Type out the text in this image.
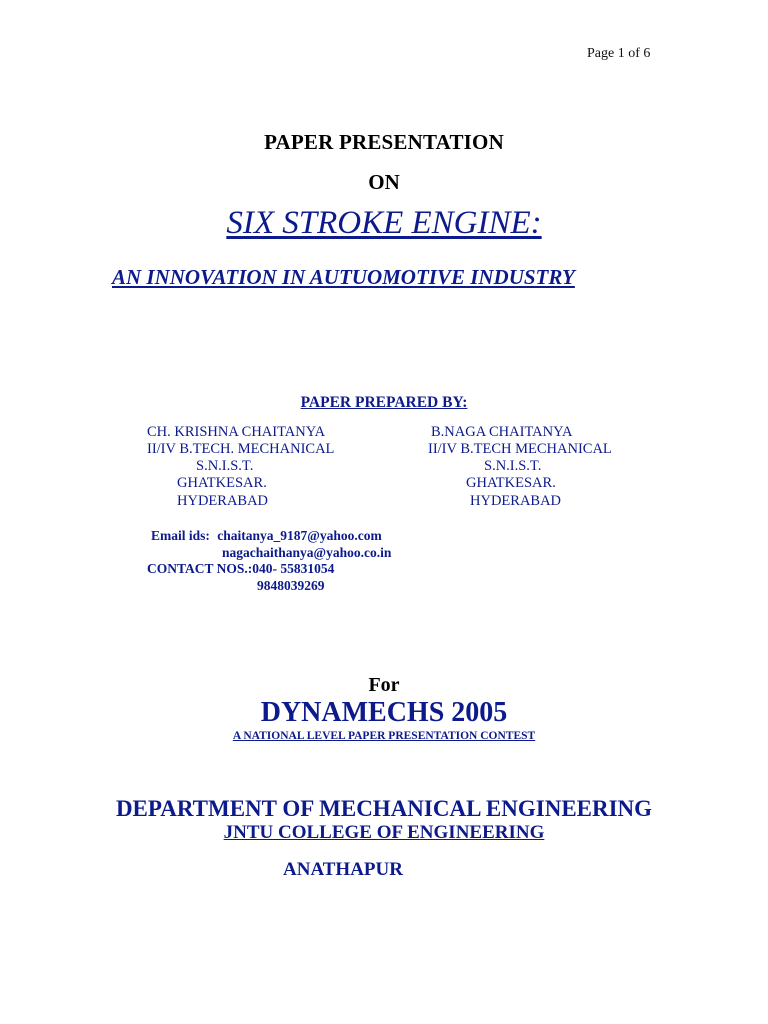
Page 1 of 6
PAPER PRESENTATION
ON
SIX STROKE ENGINE:
AN INNOVATION IN AUTUOMOTIVE INDUSTRY
PAPER PREPARED BY:
CH. KRISHNA CHAITANYA
II/IV B.TECH. MECHANICAL
S.N.I.S.T.
GHATKESAR.
HYDERABAD
B.NAGA CHAITANYA
II/IV B.TECH MECHANICAL
S.N.I.S.T.
GHATKESAR.
HYDERABAD
Email ids: chaitanya_9187@yahoo.com
nagachaithanya@yahoo.co.in
CONTACT NOS.:040- 55831054
9848039269
For
DYNAMECHS 2005
A NATIONAL LEVEL PAPER PRESENTATION CONTEST
DEPARTMENT OF MECHANICAL ENGINEERING
JNTU COLLEGE OF ENGINEERING
ANATHAPUR
